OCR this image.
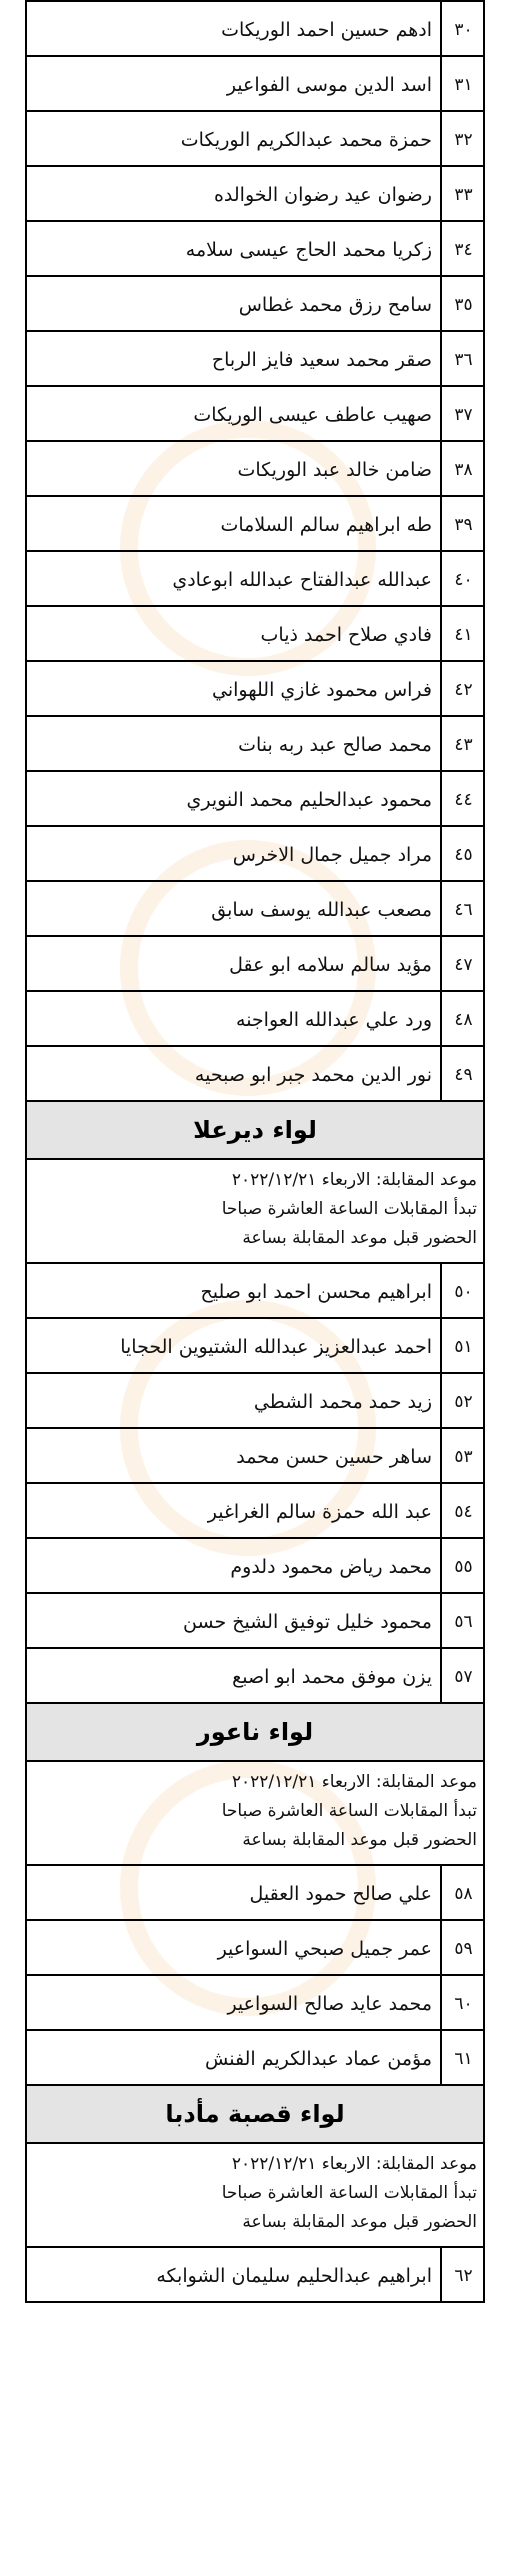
٣٠
ادهم حسين احمد الوريكات
٣١
اسد الدين موسى الفواعير
٣٢
حمزة محمد عبدالكريم الوريكات
٣٣
رضوان عيد رضوان الخوالده
٣٤
زكريا محمد الحاج عيسى سلامه
٣٥
سامح رزق محمد غطاس
٣٦
صقر محمد سعيد فايز الرباح
٣٧
صهيب عاطف عيسى الوريكات
٣٨
ضامن خالد عبد الوريكات
٣٩
طه ابراهيم سالم السلامات
٤٠
عبدالله عبدالفتاح عبدالله ابوعادي
٤١
فادي صلاح احمد ذياب
٤٢
فراس محمود غازي اللهواني
٤٣
محمد صالح عبد ربه بنات
٤٤
محمود عبدالحليم محمد النويري
٤٥
مراد جميل جمال الاخرس
٤٦
مصعب عبدالله يوسف سابق
٤٧
مؤيد سالم سلامه ابو عقل
٤٨
ورد علي عبدالله العواجنه
٤٩
نور الدين محمد جبر ابو صبحيه
لواء ديرعلا
موعد المقابلة: الاربعاء ٢٠٢٢/١٢/٢١
تبدأ المقابلات الساعة العاشرة صباحا
الحضور قبل موعد المقابلة بساعة
٥٠
ابراهيم محسن احمد ابو صليح
٥١
احمد عبدالعزيز عبدالله الشتيوين الحجايا
٥٢
زيد حمد محمد الشطي
٥٣
ساهر حسين حسن محمد
٥٤
عبد الله حمزة سالم الغراغير
٥٥
محمد رياض محمود دلدوم
٥٦
محمود خليل توفيق الشيخ حسن
٥٧
يزن موفق محمد ابو اصبع
لواء ناعور
موعد المقابلة: الاربعاء ٢٠٢٢/١٢/٢١
تبدأ المقابلات الساعة العاشرة صباحا
الحضور قبل موعد المقابلة بساعة
٥٨
علي صالح حمود العقيل
٥٩
عمر جميل صبحي السواعير
٦٠
محمد عايد صالح السواعير
٦١
مؤمن عماد عبدالكريم الفنش
لواء قصبة مأدبا
موعد المقابلة: الاربعاء ٢٠٢٢/١٢/٢١
تبدأ المقابلات الساعة العاشرة صباحا
الحضور قبل موعد المقابلة بساعة
٦٢
ابراهيم عبدالحليم سليمان الشوابكه
